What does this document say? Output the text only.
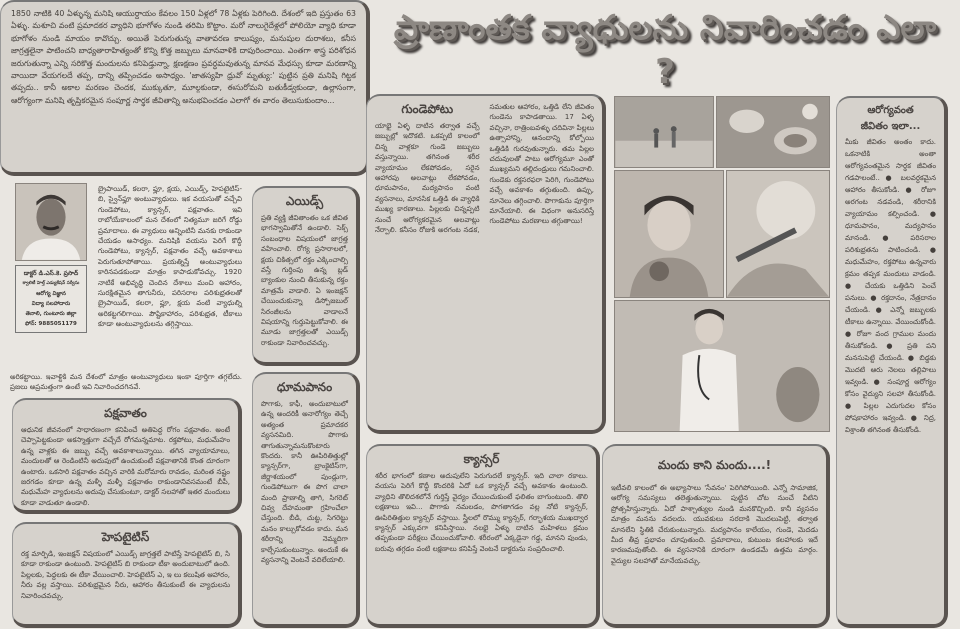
1850 నాటికి 40 ఏళ్ళున్న మనిషి ఆయుర్దాయం కేవలం 150 ఏళ్లలో 78 ఏళ్లకు పెరిగింది. దేశంలో ఇది ప్రస్తుతం 63 ఏళ్ళు. మశూచి వంటి ప్రమాదకర వ్యాధిని భూగోళం నుండి తరిమి కొట్టాం. మరో నాలుగైదేళ్లలో పోలియో వ్యాధి కూడా భూగోళం నుండి మాయం కావొచ్చు. అయితే పెరుగుతున్న వాతావరణ కాలుష్యం, మనుషుల దురాశలు, కనీస జాగ్రత్తలైనా పాటించని బాధ్యతారాహిత్యంతో కొన్ని కొత్త జబ్బులు మానవాళికి దాపురించాయి. ఎంతగా శాస్త్ర పరిశోధన జరుగుతున్నా ఎన్ని సరికొత్త మందులను కనిపెడ్తున్నా, క్షణక్షణం ప్రవర్ధమవుతున్న మానవ మేధస్సు కూడా మరణాన్ని వాయిదా వేయగలదే తప్ప, దాన్ని తప్పించడం అసాధ్యం. 'జాతస్యహి ధ్రువో మృత్యు:' పుట్టిన ప్రతి మనిషి గిట్టక తప్పదు.. కానీ అకాల మరణం చెందక, ముక్కుతూ, మూల్గకుండా, ఈసురోమని బతుకీడ్వకుండా, ఉల్లాసంగా, ఆరోగ్యంగా మనిషి తృప్తికరమైన సంపూర్ణ సార్థక జీవితాన్ని అనుభవించడం ఎలాగో ఈ వారం తెలుసుకుందాం...

ప్రాణాంతక వ్యాధులను నివారించడం ఎలా ?
డాక్టర్ డి.ఎస్.కె. ప్రసాద్
క్వాలిటీ హెల్త్ ఎడ్యుకేషన్ సర్వీసు
ఆరోగ్య విజ్ఞాన
విద్యా సలహాదారు
తెనాలి, గుంటూరు జిల్లా
ఫోన్: 9885051179

బ్రైపాయిడ్, కలరా, ఫ్లూ, క్షయ, ఎయిడ్స్, హెపటైటిస్-బి, స్వైన్‌ఫ్లూ అంటువ్యాధులు. ఇక వయసుతో వచ్చేవి గుండెపోటు, క్యాన్సర్, పక్షవాతం. ఇవి రాబోయేకాలంలో మన దేశంలో నిత్యమూ జరిగే రోడ్డు ప్రమాదాలు. ఈ వ్యాధులు అన్నింటినీ మనకు రాకుండా చేయడం అసాధ్యం. మనిషికి వయసు పెరిగే కొద్దీ గుండెపోటు, క్యాన్సర్, పక్షవాతం వచ్చే అవకాశాలు పెరుగుతూపోతాయి. ప్రయత్నిస్తే అంటువ్యాధులు కారినపడకుండా మాత్రం కాపాడుకోవచ్చు. 1920 నాటికే అభివృద్ధి చెందిన దేశాలు మంచి ఆహారం, సురక్షితమైన తాగునీరు, పరిసరాల పరిశుభ్రతలతో బ్రైపాయిడ్, కలరా, ఫ్లూ, క్షయ వంటి వ్యాధుల్ని అరికట్టగలిగాయి. పౌష్టికాహారం, పరిశుభ్రత, టీకాలు కూడా అంటువ్యాధులను తగ్గిస్తాయి.

అరికట్టాయి. ఇవాళ్టికి మన దేశంలో మాత్రం అంటువ్యాధులు ఇంకా పూర్తిగా తగ్గలేదు. ప్రజలు అప్రమత్తంగా ఉంటే ఇవి నివారించదగినవే.

ఎయిడ్స్

ప్రతి వ్యక్తి జీవితాంతం ఒక జీవిత భాగస్వామితోనే ఉండాలి. సెక్స్ సంబంధాల విషయంలో జాగ్రత్త వహించాలి. రోగ్య ప్రసారాలలో, క్షయ చికిత్సలో రక్తం ఎక్కించాల్సి వస్తే గుర్తింపు ఉన్న బ్లడ్ బ్యాంకుల నుంచి తీసుకున్న రక్తం మాత్రమే వాడాలి. ఏ ఇంజక్షన్ చేయించుకున్నా డిస్పోజబుల్ సిరంజీలను వాడాలనే విషయాన్ని గుర్తుపెట్టుకోవాలి. ఈ మూడు జాగ్రత్తలతో ఎయిడ్స్ రాకుండా నివారించవచ్చు.

ధూమపానం

పొగాకు, కాఫీ, అందుబాటులో ఉన్న అందరికీ అనారోగ్యం తెచ్చే అత్యంత ప్రమాదకర వ్యసనమిది. పొగాకు తాగుతున్నామనుకొంటారు కొందరు. కానీ ఊపిరితిత్తుల్లో క్యాన్సర్‌గా, బ్రాంకైటిస్‌గా, జీర్ణాశయంలో పుండ్లుగా, గుండెపోటుగా ఈ పొగ చాలా మంది ప్రాణాల్ని తాగి, సిగరెట్ చివ్వ దేహమంతా గ్రహించేలా చేస్తుంది. బీడి, చుట్ట, సిగరెట్టు మనం కాల్చుకోవడం కాదు. మన శరీరాన్ని నెమ్మదిగా కాల్చేసుకుంటున్నాం. అందుకే ఈ వ్యసనాన్ని వెంటనే వదిలేయాలి.

గుండెపోటు

యాభై ఏళ్ళ దాటిన తర్వాత వచ్చే జబ్బుల్లో ఇదొకటి. ఒకప్పటి కాలంలో చిన్న వాళ్లకూ గుండె జబ్బులు వస్తున్నాయి. తగినంత శరీర వ్యాయామం లేకపోవడం, సరైన ఆహారపు అలవాట్లు లేకపోవడం, ధూమపానం, మద్యపానం వంటి వ్యసనాలు, మానసిక ఒత్తిడి ఈ వ్యాధికి ముఖ్య కారణాలు. పిల్లలకు చిన్నప్పటి నుంచే ఆరోగ్యకరమైన అలవాట్లు నేర్పాలి. కనీసం రోజుకి అరగంట నడక, సమతుల ఆహారం, ఒత్తిడి లేని జీవితం గుండెను కాపాడతాయి. 17 ఏళ్ళ వచ్చినా, రాత్రింబవళ్ళు చదివినా పిల్లలు ఉత్సాహాన్ని, ఆనందాన్ని కోల్పోయి ఒత్తిడికి గురవుతున్నారు. తమ పిల్లల చదువులతో పాటు ఆరోగ్యమూ ఎంతో ముఖ్యమని తల్లిదండ్రులు గమనించాలి. గుండెకు రక్తసరఫరా పెరిగి, గుండెపోటు వచ్చే అవకాశం తగ్గుతుంది. ఉప్పు, నూనెలు తగ్గించాలి. పొగాకును పూర్తిగా మానేయాలి. ఈ విధంగా అనుసరిస్తే గుండెపోటు మరణాలు తగ్గుతాయి!

పక్షవాతం

ఆధునిక జీవనంలో సాధారణంగా కనిపించే అతిపెద్ద రోగం పక్షవాతం. అంటే చెప్పాపెట్టకుండా అకస్మాత్తుగా వచ్చేదే రోగమన్నమాట. రక్తపోటు, మధుమేహం ఉన్న వాళ్లకు ఈ జబ్బు వచ్చే అవకాశాలున్నాయి. తగిన వ్యాయామాలు, మందులతో ఆ రెండింటినీ అదుపులో ఉంచుకుంటే పక్షవాతానికి కొంత దూరంగా ఉంటారు. ఒకసారి పక్షవాతం వచ్చిన వారికి మరోమారు రావడం, మరింత నష్టం జరగడం కూడా ఉన్న మళ్ళీ మళ్ళీ పక్షవాతం రాకుండానివసమంటే బీపీ, మధుమేహ వ్యాధులను అదుపు చేసుకుంటూ, డాక్టర్ సలహాతో ఇతర మందులు కూడా వాడుతూ ఉండాలి.

హెపటైటిస్

రక్త మార్పిడి, ఇంజక్షన్ విషయంలో ఎయిడ్స్ జాగ్రత్తలే పాటిస్తే హెపటైటిస్ బి, సి కూడా రాకుండా ఉంటుంది. హెపటైటిస్ బి రాకుండా టీకా అందుబాటులో ఉంది. పిల్లలకు, పెద్దలకు ఈ టీకా వేయించాలి. హెపటైటిస్ ఎ, ఇ లు కలుషిత ఆహారం, నీరు వల్ల వస్తాయి. పరిశుభ్రమైన నీరు, ఆహారం తీసుకుంటే ఈ వ్యాధులను నివారించవచ్చు.

క్యాన్సర్

శరీర భాగంలో కణాల అదుపులేని పెరుగుదలే క్యాన్సర్. ఇది చాలా రకాలు. వయసు పెరిగే కొద్దీ కొందరికి ఏదో ఒక క్యాన్సర్ వచ్చే అవకాశం ఉంటుంది. వ్యాధిని తొలిదశలోనే గుర్తిస్తే వైద్యం చేయించుకుంటే ఫలితం బాగుంటుంది. తొలి లక్షణాలు ఇవి... పొగాకు నమలడం, పొగతాగడం వల్ల నోటి క్యాన్సర్, ఊపిరితిత్తుల క్యాన్సర్ వస్తాయి. స్త్రీలలో రొమ్ము క్యాన్సర్, గర్భాశయ ముఖద్వార క్యాన్సర్ ఎక్కువగా కనిపిస్తాయి. నలభై ఏళ్ళు దాటిన మహిళలు క్రమం తప్పకుండా పరీక్షలు చేయించుకోవాలి. శరీరంలో ఎక్కడైనా గడ్డ, మానని పుండు, బరువు తగ్గడం వంటి లక్షణాలు కనిపిస్తే వెంటనే డాక్టరును సంప్రదించాలి.

మందు కాని మందు....!

ఇటీవలి కాలంలో ఈ అభ్యాసాలు 'సేవనం' పెరిగిపోయింది. ఎన్నో సామాజిక, ఆరోగ్య సమస్యలు తలెత్తుతున్నాయి. పుట్టిన చోట నుంచే వీటిని ప్రోత్సహిస్తున్నారు. ఏదో పాశ్చాత్యుల నుండి మనకొచ్చింది. కానీ వ్యసనం మాత్రం మనను వదలదు. యువకులు సరదాకి మొదలుపెట్టి, తర్వాత మానలేని స్థితికి చేరుకుంటున్నారు. మద్యపానం కాలేయం, గుండె, మెదడు మీద తీవ్ర ప్రభావం చూపుతుంది. ప్రమాదాలు, కుటుంబ కలహాలకు ఇదే కారణమవుతోంది. ఈ వ్యసనానికి దూరంగా ఉండడమే ఉత్తమ మార్గం. వైద్యుల సలహాతో మానేయవచ్చు.

ఆరోగ్యవంత
జీవితం ఇలా...

మీకు జీవితం అంతం కాదు. ఒకనాటికి అంతా ఆరోగ్యవంతమైన సార్థక జీవితం గడపాలంటే.. ● బలవర్ధకమైన ఆహారం తీసుకోండి. ● రోజూ అరగంట నడవండి, శరీరానికి వ్యాయామం కల్పించండి. ● ధూమపానం, మద్యపానం మానండి. ● పరిసరాల పరిశుభ్రతను పాటించండి. ● మధుమేహం, రక్తపోటు ఉన్నవారు క్రమం తప్పక మందులు వాడండి. ● చేయకు ఒత్తిడిని పెంచే పనులు. ● రక్తదానం, నేత్రదానం చేయండి. ● ఎన్నో జబ్బులకు టీకాలు ఉన్నాయి. వేయించుకోండి. ● రోజూ వంద గ్రాముల మందు తీసుకోకండి. ● ప్రతి పని మనసుపెట్టి చేయండి. ● బిడ్డకు మొదటి ఆరు నెలలు తల్లిపాలు ఇవ్వండి. ● సంపూర్ణ ఆరోగ్యం కోసం వైద్యుని సలహా తీసుకోండి. ● పిల్లల ఎదుగుదల కోసం పోషకాహారం ఇవ్వండి. ● నిద్ర, విశ్రాంతి తగినంత తీసుకోండి.
